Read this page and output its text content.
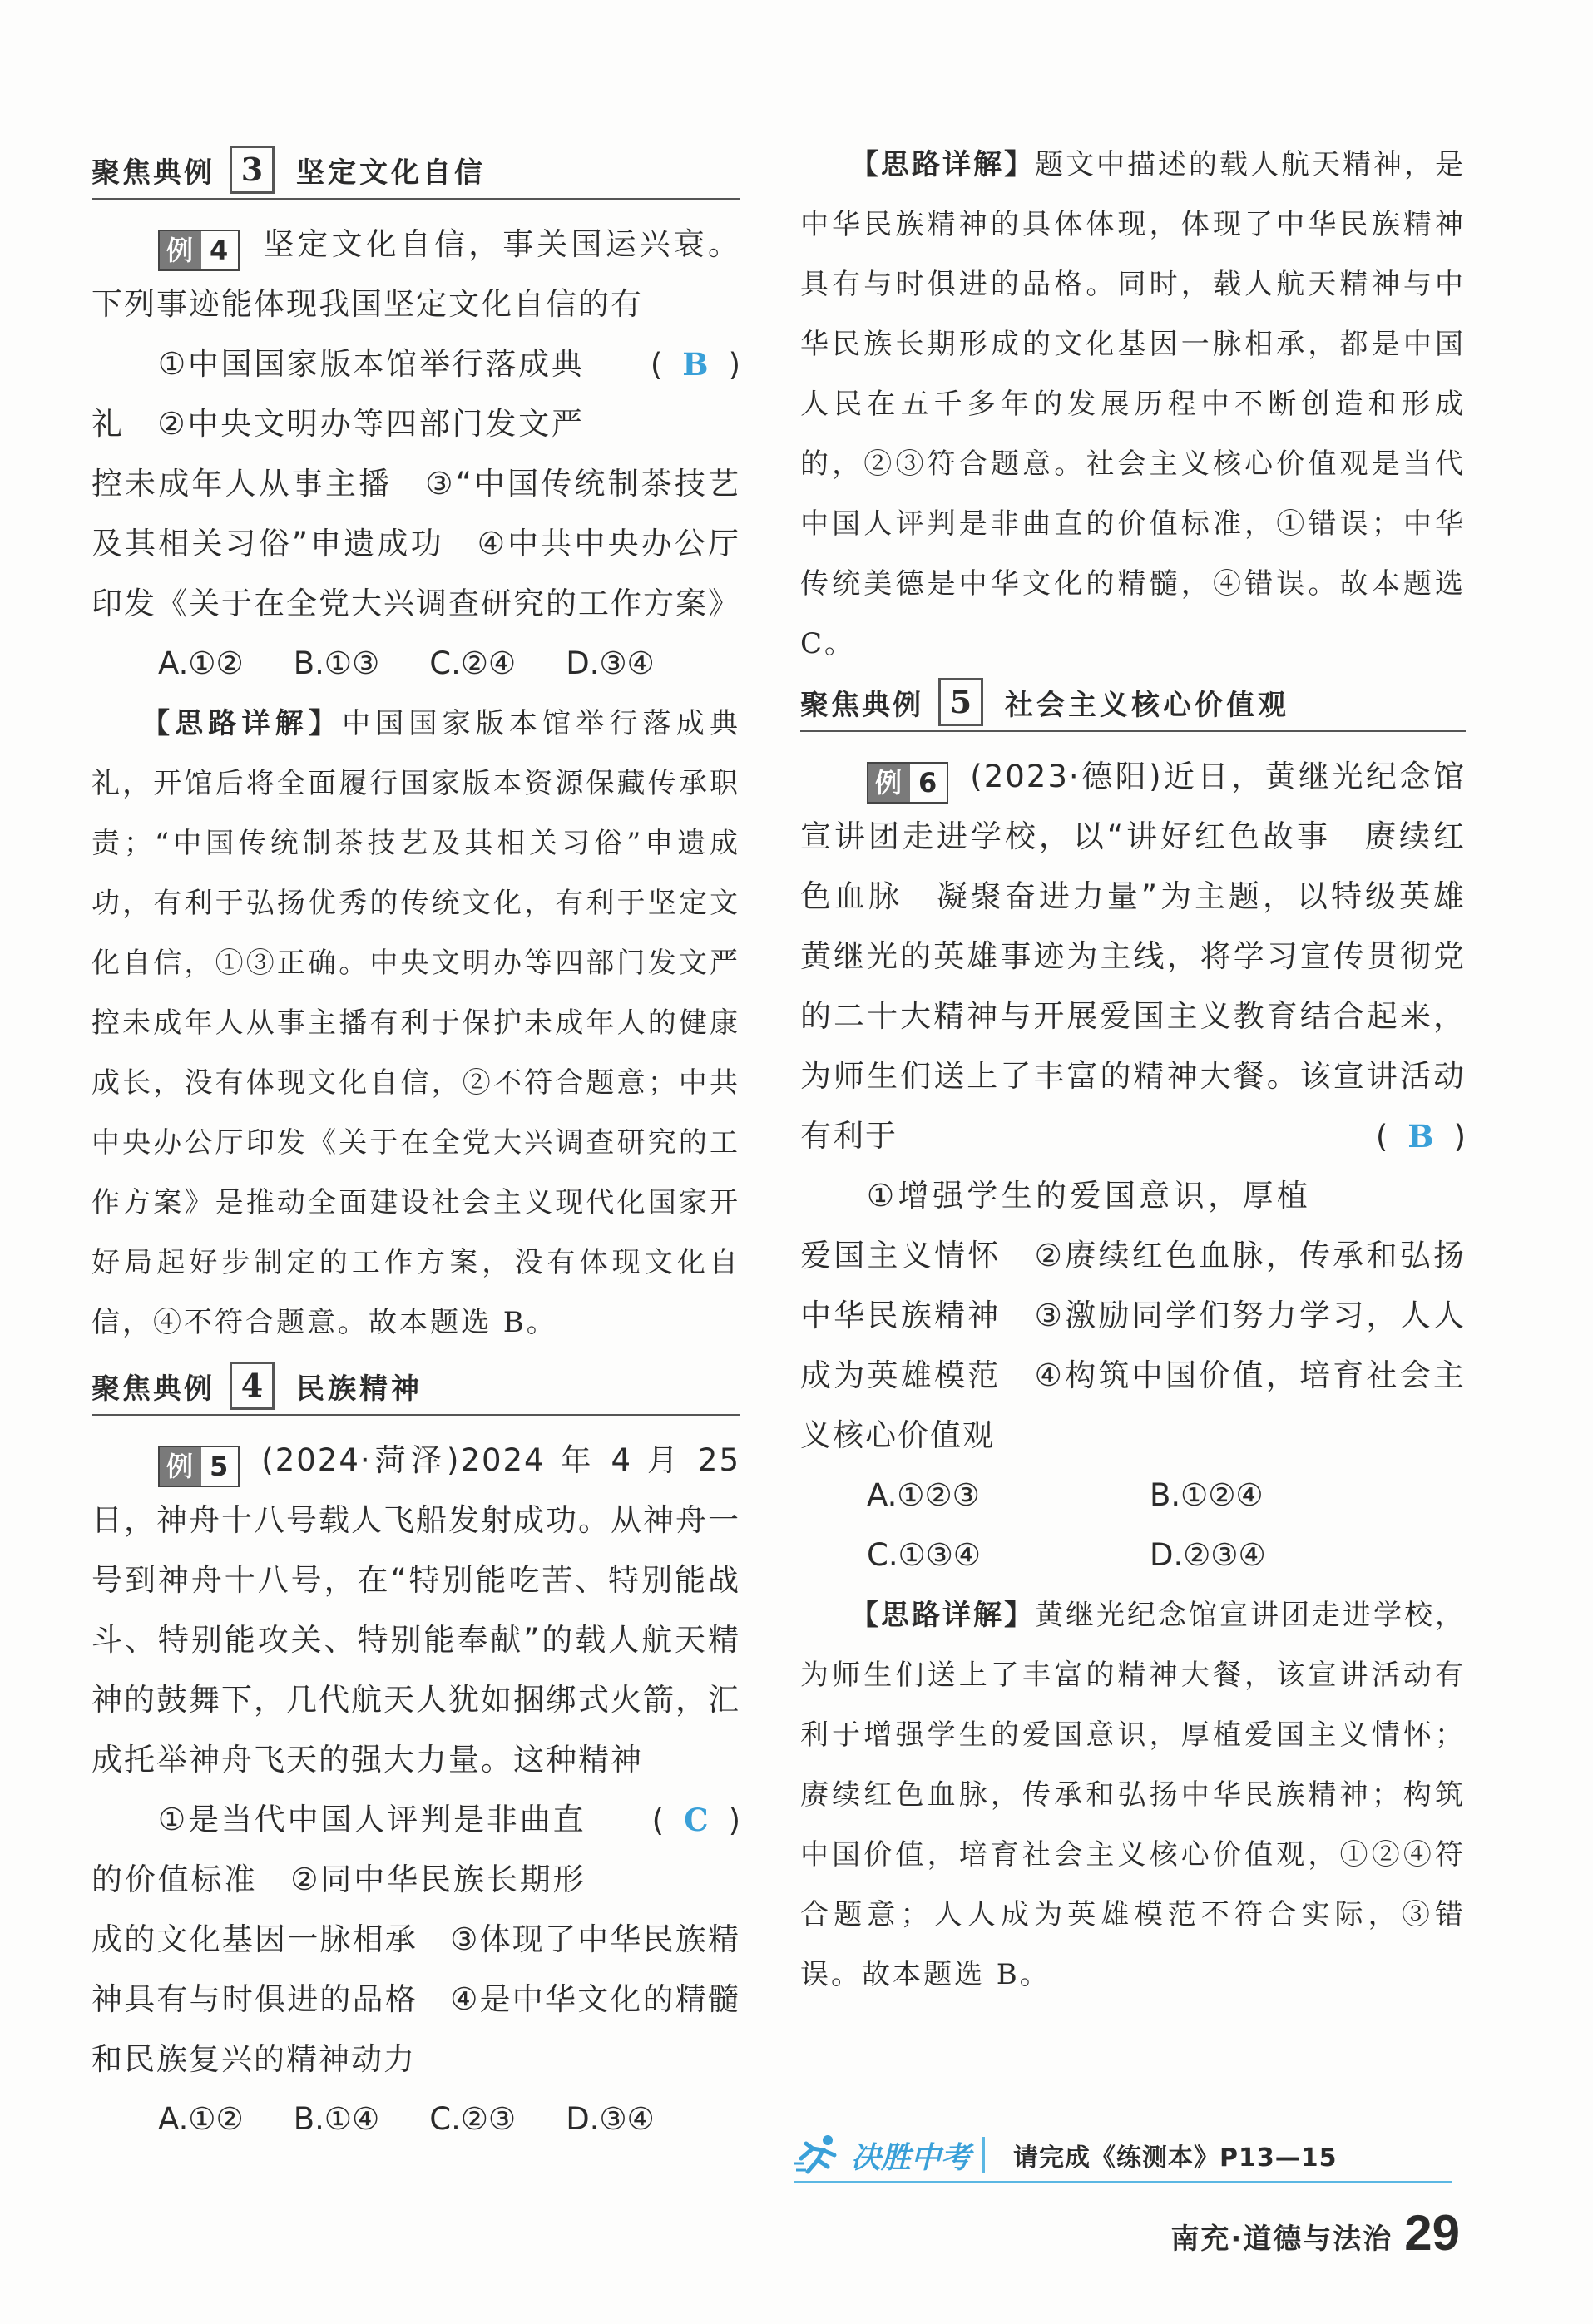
聚焦典例 3	坚定文化自信

例 4 坚定文化自信，事关国运兴衰。下列事迹能体现我国坚定文化自信的有
( B )

①中国国家版本馆举行落成典礼　②中央文明办等四部门发文严控未成年人从事主播　③“中国传统制茶技艺及其相关习俗”申遗成功　④中共中央办公厅印发《关于在全党大兴调查研究的工作方案》

A.①② B.①③ C.②④ D.③④

【思路详解】中国国家版本馆举行落成典礼，开馆后将全面履行国家版本资源保藏传承职责；“中国传统制茶技艺及其相关习俗”申遗成功，有利于弘扬优秀的传统文化，有利于坚定文化自信，①③正确。中央文明办等四部门发文严控未成年人从事主播有利于保护未成年人的健康成长，没有体现文化自信，②不符合题意；中共中央办公厅印发《关于在全党大兴调查研究的工作方案》是推动全面建设社会主义现代化国家开好局起好步制定的工作方案，没有体现文化自信，④不符合题意。故本题选 B。

聚焦典例 4	民族精神

例 5 (2024·菏泽)2024 年 4 月 25 日，神舟十八号载人飞船发射成功。从神舟一号到神舟十八号，在“特别能吃苦、特别能战斗、特别能攻关、特别能奉献”的载人航天精神的鼓舞下，几代航天人犹如捆绑式火箭，汇成托举神舟飞天的强大力量。这种精神
( C )

①是当代中国人评判是非曲直的价值标准　②同中华民族长期形成的文化基因一脉相承　③体现了中华民族精神具有与时俱进的品格　④是中华文化的精髓和民族复兴的精神动力

A.①② B.①④ C.②③ D.③④

【思路详解】题文中描述的载人航天精神，是中华民族精神的具体体现，体现了中华民族精神具有与时俱进的品格。同时，载人航天精神与中华民族长期形成的文化基因一脉相承，都是中国人民在五千多年的发展历程中不断创造和形成的，②③符合题意。社会主义核心价值观是当代中国人评判是非曲直的价值标准，①错误；中华传统美德是中华文化的精髓，④错误。故本题选 C。

聚焦典例 5	社会主义核心价值观

例 6 (2023·德阳)近日，黄继光纪念馆宣讲团走进学校，以“讲好红色故事　赓续红色血脉　凝聚奋进力量”为主题，以特级英雄黄继光的英雄事迹为主线，将学习宣传贯彻党的二十大精神与开展爱国主义教育结合起来，为师生们送上了丰富的精神大餐。该宣讲活动有利于	( B )

①增强学生的爱国意识，厚植爱国主义情怀　②赓续红色血脉，传承和弘扬中华民族精神　③激励同学们努力学习，人人成为英雄模范　④构筑中国价值，培育社会主义核心价值观

A.①②③	B.①②④
C.①③④	D.②③④

【思路详解】黄继光纪念馆宣讲团走进学校，为师生们送上了丰富的精神大餐，该宣讲活动有利于增强学生的爱国意识，厚植爱国主义情怀；赓续红色血脉，传承和弘扬中华民族精神；构筑中国价值，培育社会主义核心价值观，①②④符合题意；人人成为英雄模范不符合实际，③错误。故本题选 B。

决胜中考 请完成《练测本》P13—15
南充·道德与法治 29
